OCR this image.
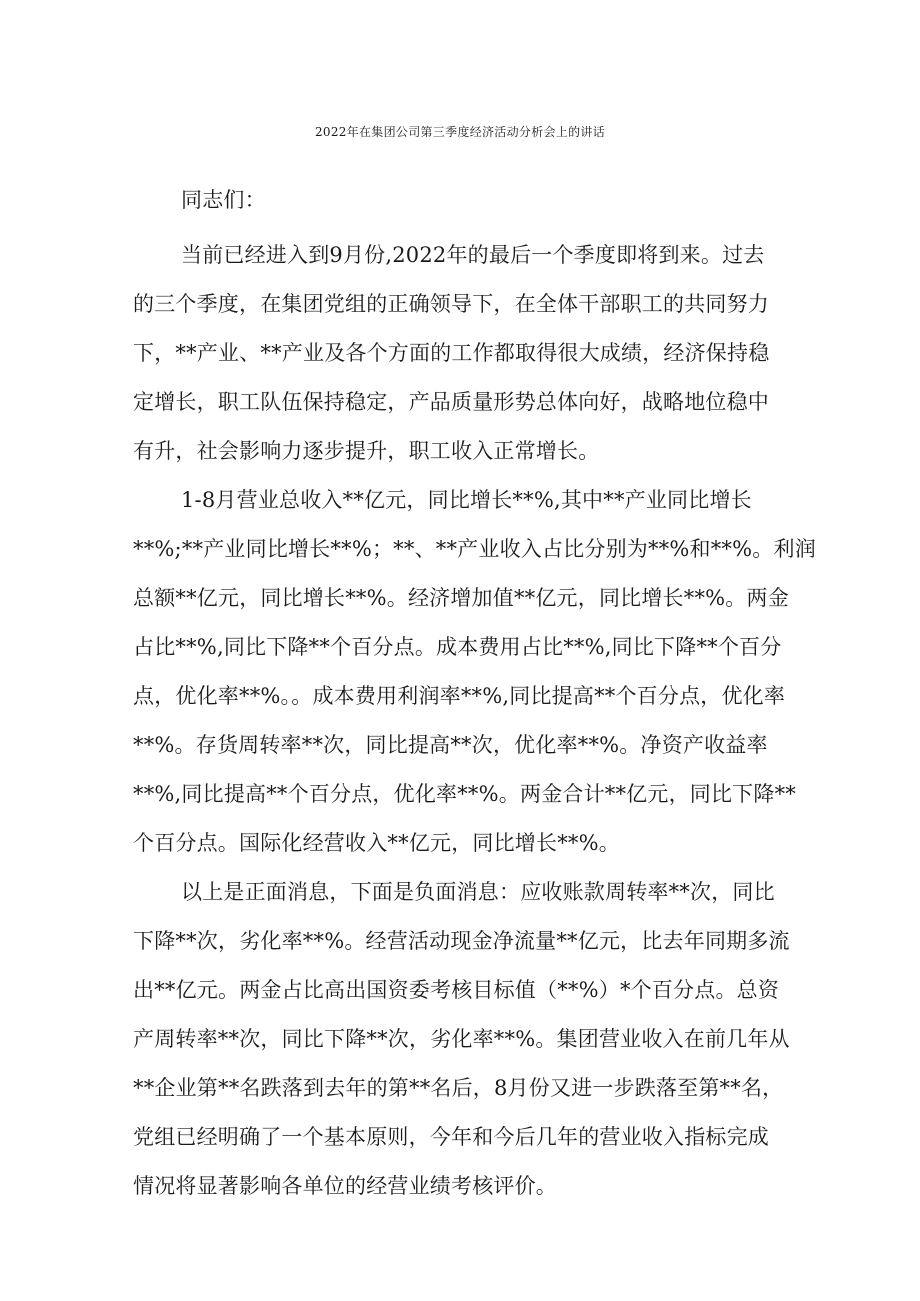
2022年在集团公司第三季度经济活动分析会上的讲话
同志们：
当前已经进入到9月份,2022年的最后一个季度即将到来。过去
的三个季度，在集团党组的正确领导下，在全体干部职工的共同努力
下，**产业、**产业及各个方面的工作都取得很大成绩，经济保持稳
定增长，职工队伍保持稳定，产品质量形势总体向好，战略地位稳中
有升，社会影响力逐步提升，职工收入正常增长。
1-8月营业总收入**亿元，同比增长**%,其中**产业同比增长
**%;**产业同比增长**%；**、**产业收入占比分别为**%和**%。利润
总额**亿元，同比增长**%。经济增加值**亿元，同比增长**%。两金
占比**%,同比下降**个百分点。成本费用占比**%,同比下降**个百分
点，优化率**%。。成本费用利润率**%,同比提高**个百分点，优化率
**%。存货周转率**次，同比提高**次，优化率**%。净资产收益率
**%,同比提高**个百分点，优化率**%。两金合计**亿元，同比下降**
个百分点。国际化经营收入**亿元，同比增长**%。
以上是正面消息，下面是负面消息：应收账款周转率**次，同比
下降**次，劣化率**%。经营活动现金净流量**亿元，比去年同期多流
出**亿元。两金占比高出国资委考核目标值（**%）*个百分点。总资
产周转率**次，同比下降**次，劣化率**%。集团营业收入在前几年从
**企业第**名跌落到去年的第**名后，8月份又进一步跌落至第**名，
党组已经明确了一个基本原则，今年和今后几年的营业收入指标完成
情况将显著影响各单位的经营业绩考核评价。
